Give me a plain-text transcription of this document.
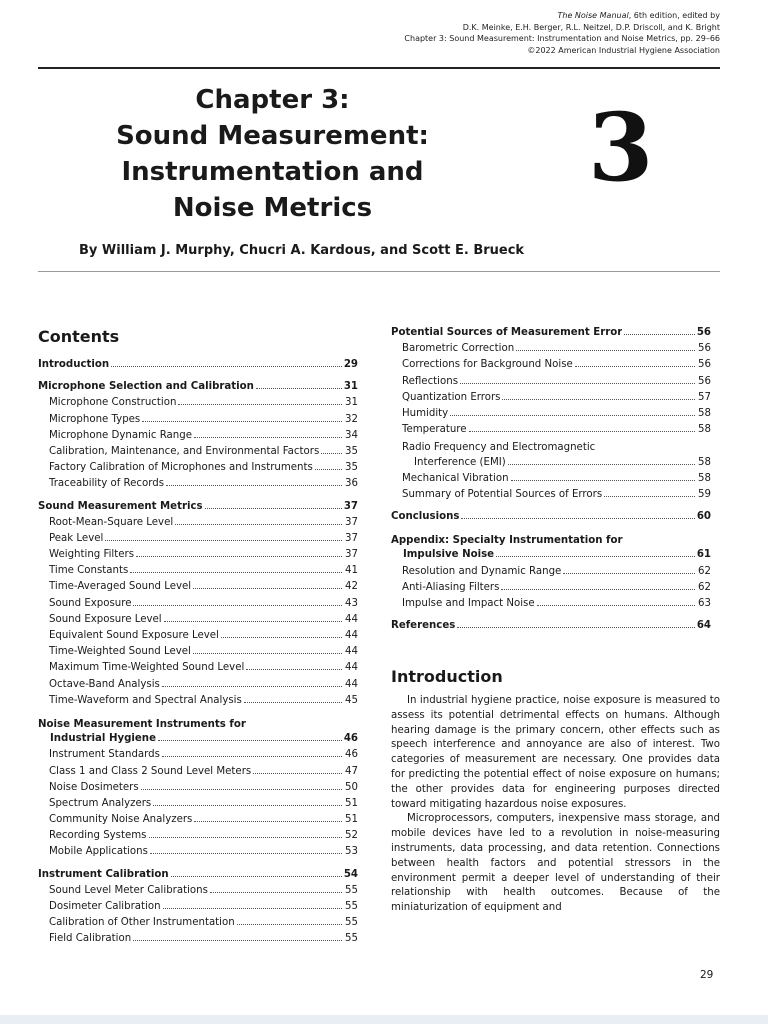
The Noise Manual, 6th edition, edited by
D.K. Meinke, E.H. Berger, R.L. Neitzel, D.P. Driscoll, and K. Bright
Chapter 3: Sound Measurement: Instrumentation and Noise Metrics, pp. 29–66
©2022 American Industrial Hygiene Association
Chapter 3:
Sound Measurement:
Instrumentation and
Noise Metrics
3
By William J. Murphy, Chucri A. Kardous, and Scott E. Brueck
Contents
Introduction	29
Microphone Selection and Calibration	31
Microphone Construction	31
Microphone Types	32
Microphone Dynamic Range	34
Calibration, Maintenance, and Environmental Factors	35
Factory Calibration of Microphones and Instruments	35
Traceability of Records	36
Sound Measurement Metrics	37
Root-Mean-Square Level	37
Peak Level	37
Weighting Filters	37
Time Constants	41
Time-Averaged Sound Level	42
Sound Exposure	43
Sound Exposure Level	44
Equivalent Sound Exposure Level	44
Time-Weighted Sound Level	44
Maximum Time-Weighted Sound Level	44
Octave-Band Analysis	44
Time-Waveform and Spectral Analysis	45
Noise Measurement Instruments for
Industrial Hygiene	46
Instrument Standards	46
Class 1 and Class 2 Sound Level Meters	47
Noise Dosimeters	50
Spectrum Analyzers	51
Community Noise Analyzers	51
Recording Systems	52
Mobile Applications	53
Instrument Calibration	54
Sound Level Meter Calibrations	55
Dosimeter Calibration	55
Calibration of Other Instrumentation	55
Field Calibration	55
Potential Sources of Measurement Error	56
Barometric Correction	56
Corrections for Background Noise	56
Reflections	56
Quantization Errors	57
Humidity	58
Temperature	58
Radio Frequency and Electromagnetic
Interference (EMI)	58
Mechanical Vibration	58
Summary of Potential Sources of Errors	59
Conclusions	60
Appendix: Specialty Instrumentation for
Impulsive Noise	61
Resolution and Dynamic Range	62
Anti-Aliasing Filters	62
Impulse and Impact Noise	63
References	64
Introduction

In industrial hygiene practice, noise exposure is measured to assess its potential detrimental effects on humans. Although hearing damage is the primary concern, other effects such as speech interference and annoyance are also of interest. Two categories of measurement are necessary. One provides data for predicting the potential effect of noise exposure on humans; the other provides data for engineering purposes directed toward mitigating hazardous noise exposures.

Microprocessors, computers, inexpensive mass storage, and mobile devices have led to a revolution in noise-measuring instruments, data processing, and data retention. Connections between health factors and potential stressors in the environment permit a deeper level of understanding of their relationship with health outcomes. Because of the miniaturization of equipment and

29
